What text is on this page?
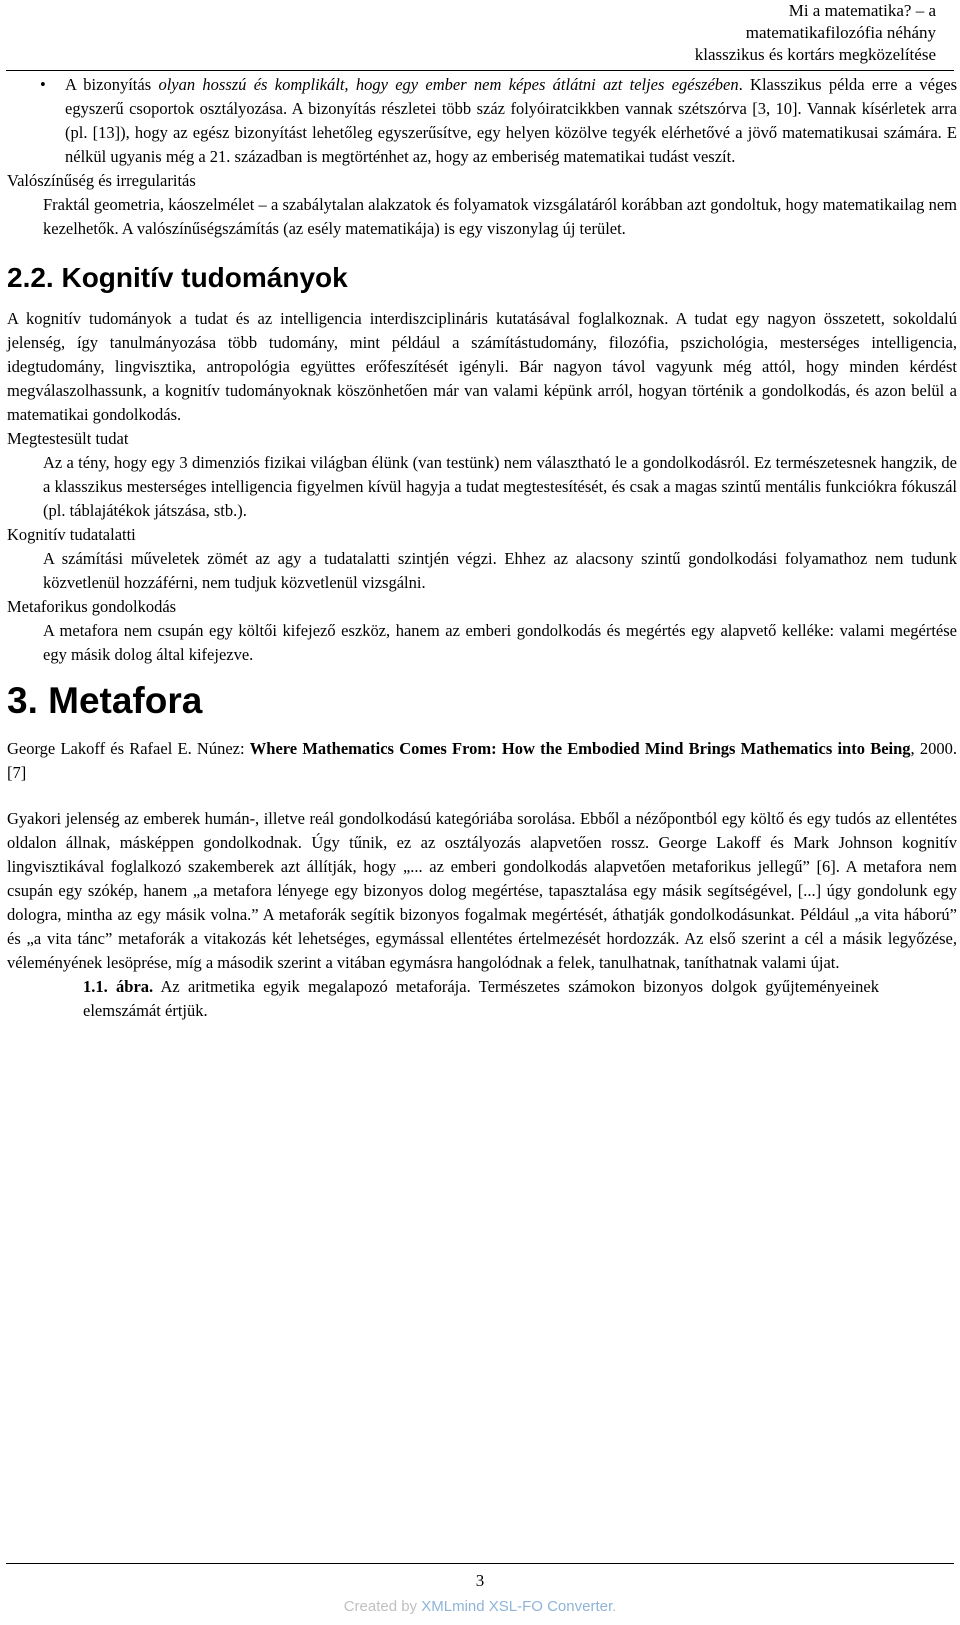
Mi a matematika? – a
matematikafilozófia néhány
klasszikus és kortárs megközelítése

• A bizonyítás olyan hosszú és komplikált, hogy egy ember nem képes átlátni azt teljes egészében. Klasszikus példa erre a véges egyszerű csoportok osztályozása. A bizonyítás részletei több száz folyóiratcikkben vannak szétszórva [3, 10]. Vannak kísérletek arra (pl. [13]), hogy az egész bizonyítást lehetőleg egyszerűsítve, egy helyen közölve tegyék elérhetővé a jövő matematikusai számára. E nélkül ugyanis még a 21. században is megtörténhet az, hogy az emberiség matematikai tudást veszít.

Valószínűség és irregularitás

Fraktál geometria, káoszelmélet – a szabálytalan alakzatok és folyamatok vizsgálatáról korábban azt gondoltuk, hogy matematikailag nem kezelhetők. A valószínűségszámítás (az esély matematikája) is egy viszonylag új terület.

2.2. Kognitív tudományok

A kognitív tudományok a tudat és az intelligencia interdiszciplináris kutatásával foglalkoznak. A tudat egy nagyon összetett, sokoldalú jelenség, így tanulmányozása több tudomány, mint például a számítástudomány, filozófia, pszichológia, mesterséges intelligencia, idegtudomány, lingvisztika, antropológia együttes erőfeszítését igényli. Bár nagyon távol vagyunk még attól, hogy minden kérdést megválaszolhassunk, a kognitív tudományoknak köszönhetően már van valami képünk arról, hogyan történik a gondolkodás, és azon belül a matematikai gondolkodás.

Megtestesült tudat

Az a tény, hogy egy 3 dimenziós fizikai világban élünk (van testünk) nem választható le a gondolkodásról. Ez természetesnek hangzik, de a klasszikus mesterséges intelligencia figyelmen kívül hagyja a tudat megtestesítését, és csak a magas szintű mentális funkciókra fókuszál (pl. táblajátékok játszása, stb.).

Kognitív tudatalatti

A számítási műveletek zömét az agy a tudatalatti szintjén végzi. Ehhez az alacsony szintű gondolkodási folyamathoz nem tudunk közvetlenül hozzáférni, nem tudjuk közvetlenül vizsgálni.

Metaforikus gondolkodás

A metafora nem csupán egy költői kifejező eszköz, hanem az emberi gondolkodás és megértés egy alapvető kelléke: valami megértése egy másik dolog által kifejezve.

3. Metafora

George Lakoff és Rafael E. Núnez: Where Mathematics Comes From: How the Embodied Mind Brings Mathematics into Being, 2000. [7]

Gyakori jelenség az emberek humán-, illetve reál gondolkodású kategóriába sorolása. Ebből a nézőpontból egy költő és egy tudós az ellentétes oldalon állnak, másképpen gondolkodnak. Úgy tűnik, ez az osztályozás alapvetően rossz. George Lakoff és Mark Johnson kognitív lingvisztikával foglalkozó szakemberek azt állítják, hogy „... az emberi gondolkodás alapvetően metaforikus jellegű” [6]. A metafora nem csupán egy szókép, hanem „a metafora lényege egy bizonyos dolog megértése, tapasztalása egy másik segítségével, [...] úgy gondolunk egy dologra, mintha az egy másik volna.” A metaforák segítik bizonyos fogalmak megértését, áthatják gondolkodásunkat. Például „a vita háború” és „a vita tánc” metaforák a vitakozás két lehetséges, egymással ellentétes értelmezését hordozzák. Az első szerint a cél a másik legyőzése, véleményének lesöprése, míg a második szerint a vitában egymásra hangolódnak a felek, tanulhatnak, taníthatnak valami újat.

1.1. ábra. Az aritmetika egyik megalapozó metaforája. Természetes számokon bizonyos dolgok gyűjteményeinek elemszámát értjük.

3
Created by XMLmind XSL-FO Converter.
